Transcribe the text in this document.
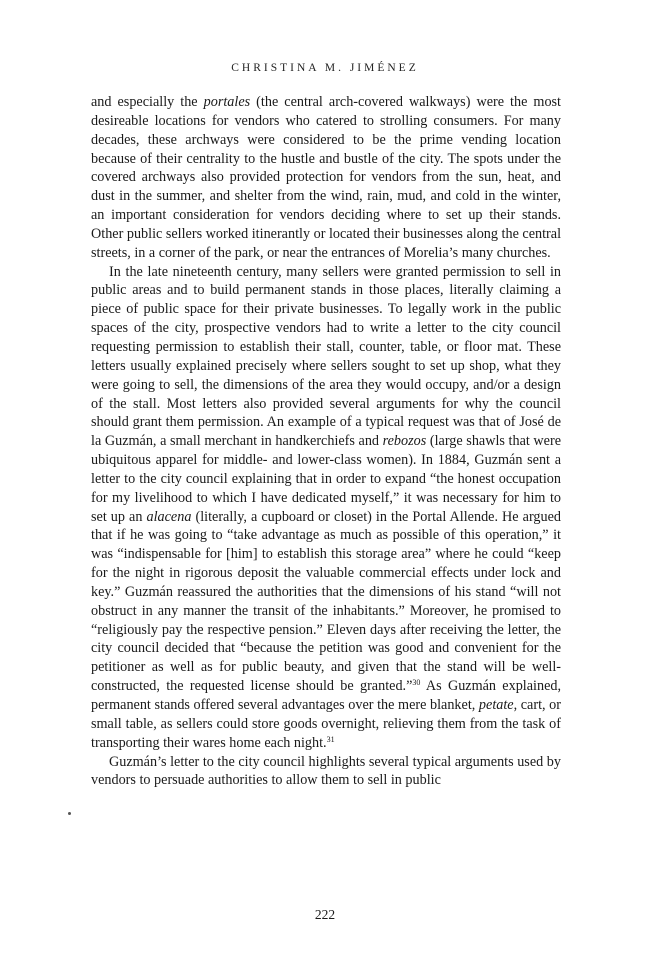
CHRISTINA M. JIMÉNEZ

and especially the portales (the central arch-covered walkways) were the most desireable locations for vendors who catered to strolling consumers. For many decades, these archways were considered to be the prime vending location because of their centrality to the hustle and bustle of the city. The spots under the covered archways also provided protection for vendors from the sun, heat, and dust in the summer, and shelter from the wind, rain, mud, and cold in the winter, an important consideration for vendors deciding where to set up their stands. Other public sellers worked itinerantly or located their businesses along the central streets, in a corner of the park, or near the entrances of Morelia’s many churches.

In the late nineteenth century, many sellers were granted permission to sell in public areas and to build permanent stands in those places, literally claiming a piece of public space for their private businesses. To legally work in the public spaces of the city, prospective vendors had to write a letter to the city council requesting permission to establish their stall, counter, table, or floor mat. These letters usually explained precisely where sellers sought to set up shop, what they were going to sell, the dimensions of the area they would occupy, and/or a design of the stall. Most letters also provided several arguments for why the council should grant them permission. An example of a typical request was that of José de la Guzmán, a small merchant in handkerchiefs and rebozos (large shawls that were ubiquitous apparel for middle- and lower-class women). In 1884, Guzmán sent a letter to the city council explaining that in order to expand “the honest occupation for my livelihood to which I have dedicated myself,” it was necessary for him to set up an alacena (literally, a cupboard or closet) in the Portal Allende. He argued that if he was going to “take advantage as much as possible of this operation,” it was “indispensable for [him] to establish this storage area” where he could “keep for the night in rigorous deposit the valuable commercial effects under lock and key.” Guzmán reassured the authorities that the dimensions of his stand “will not obstruct in any manner the transit of the inhabitants.” Moreover, he promised to “religiously pay the respective pension.” Eleven days after receiving the letter, the city council decided that “because the petition was good and convenient for the petitioner as well as for public beauty, and given that the stand will be well-constructed, the requested license should be granted.”$^{30}$ As Guzmán explained, permanent stands offered several advantages over the mere blanket, petate, cart, or small table, as sellers could store goods overnight, relieving them from the task of transporting their wares home each night.$^{31}$

Guzmán’s letter to the city council highlights several typical arguments used by vendors to persuade authorities to allow them to sell in public

222
